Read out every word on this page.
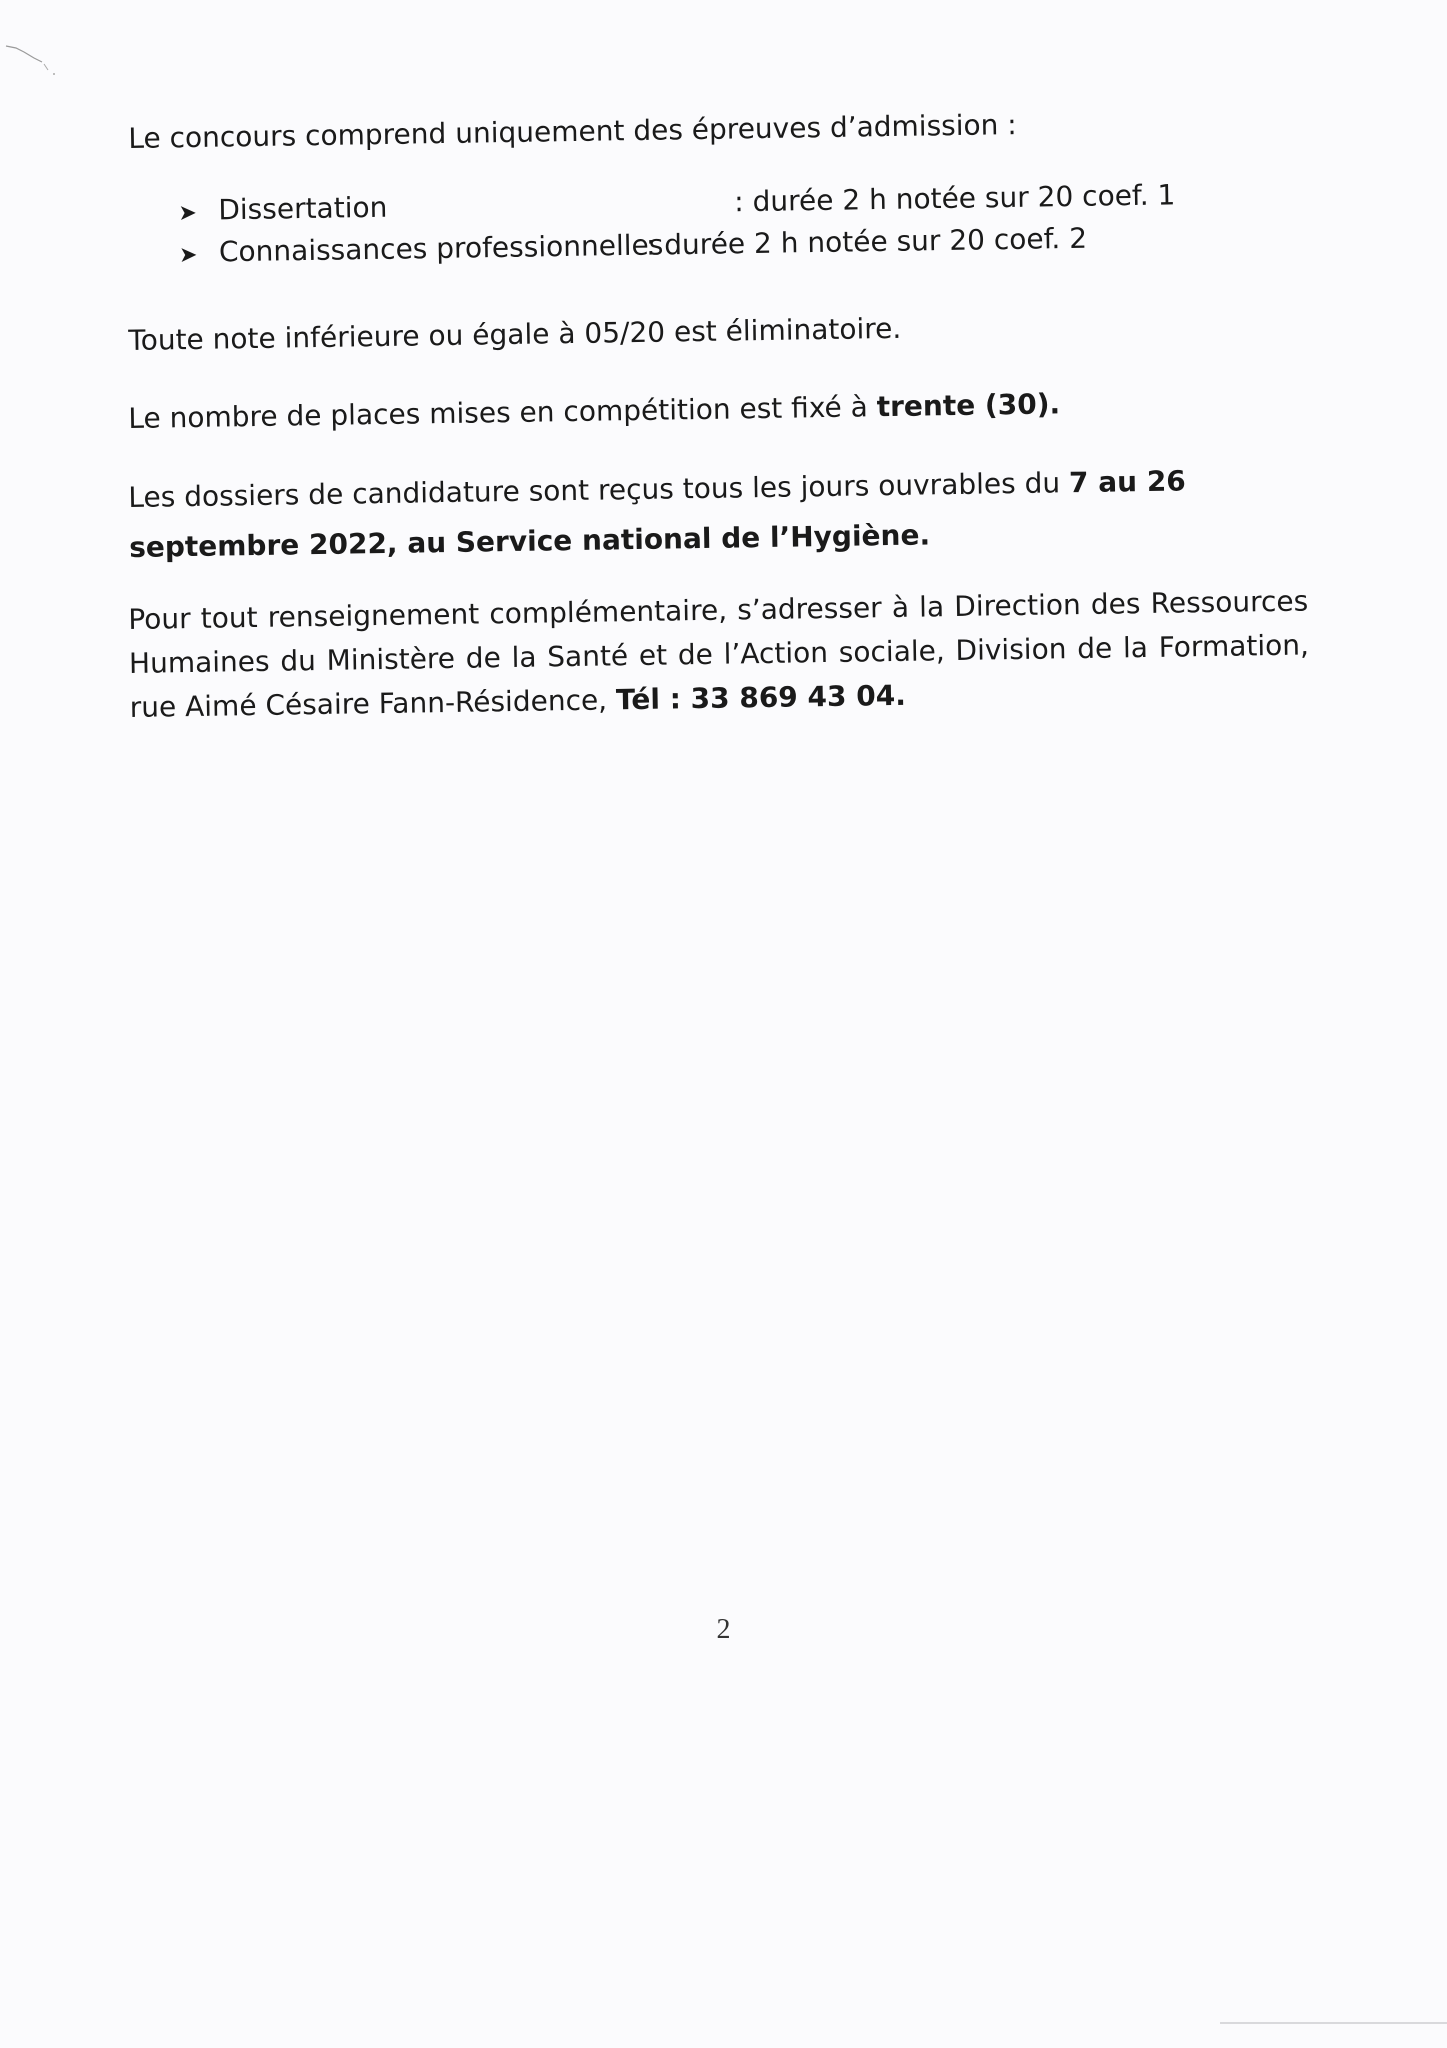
Le concours comprend uniquement des épreuves d’admission :
➤ Dissertation	: durée 2 h notée sur 20 coef. 1
➤ Connaissances professionnelles
: durée 2 h notée sur 20 coef. 2
Toute note inférieure ou égale à 05/20 est éliminatoire.
Le nombre de places mises en compétition est fixé à trente (30).
Les dossiers de candidature sont reçus tous les jours ouvrables du 7 au 26 septembre 2022, au Service national de l’Hygiène.
Pour tout renseignement complémentaire, s’adresser à la Direction des Ressources Humaines du Ministère de la Santé et de l’Action sociale, Division de la Formation, rue Aimé Césaire Fann-Résidence, Tél : 33 869 43 04.
2
